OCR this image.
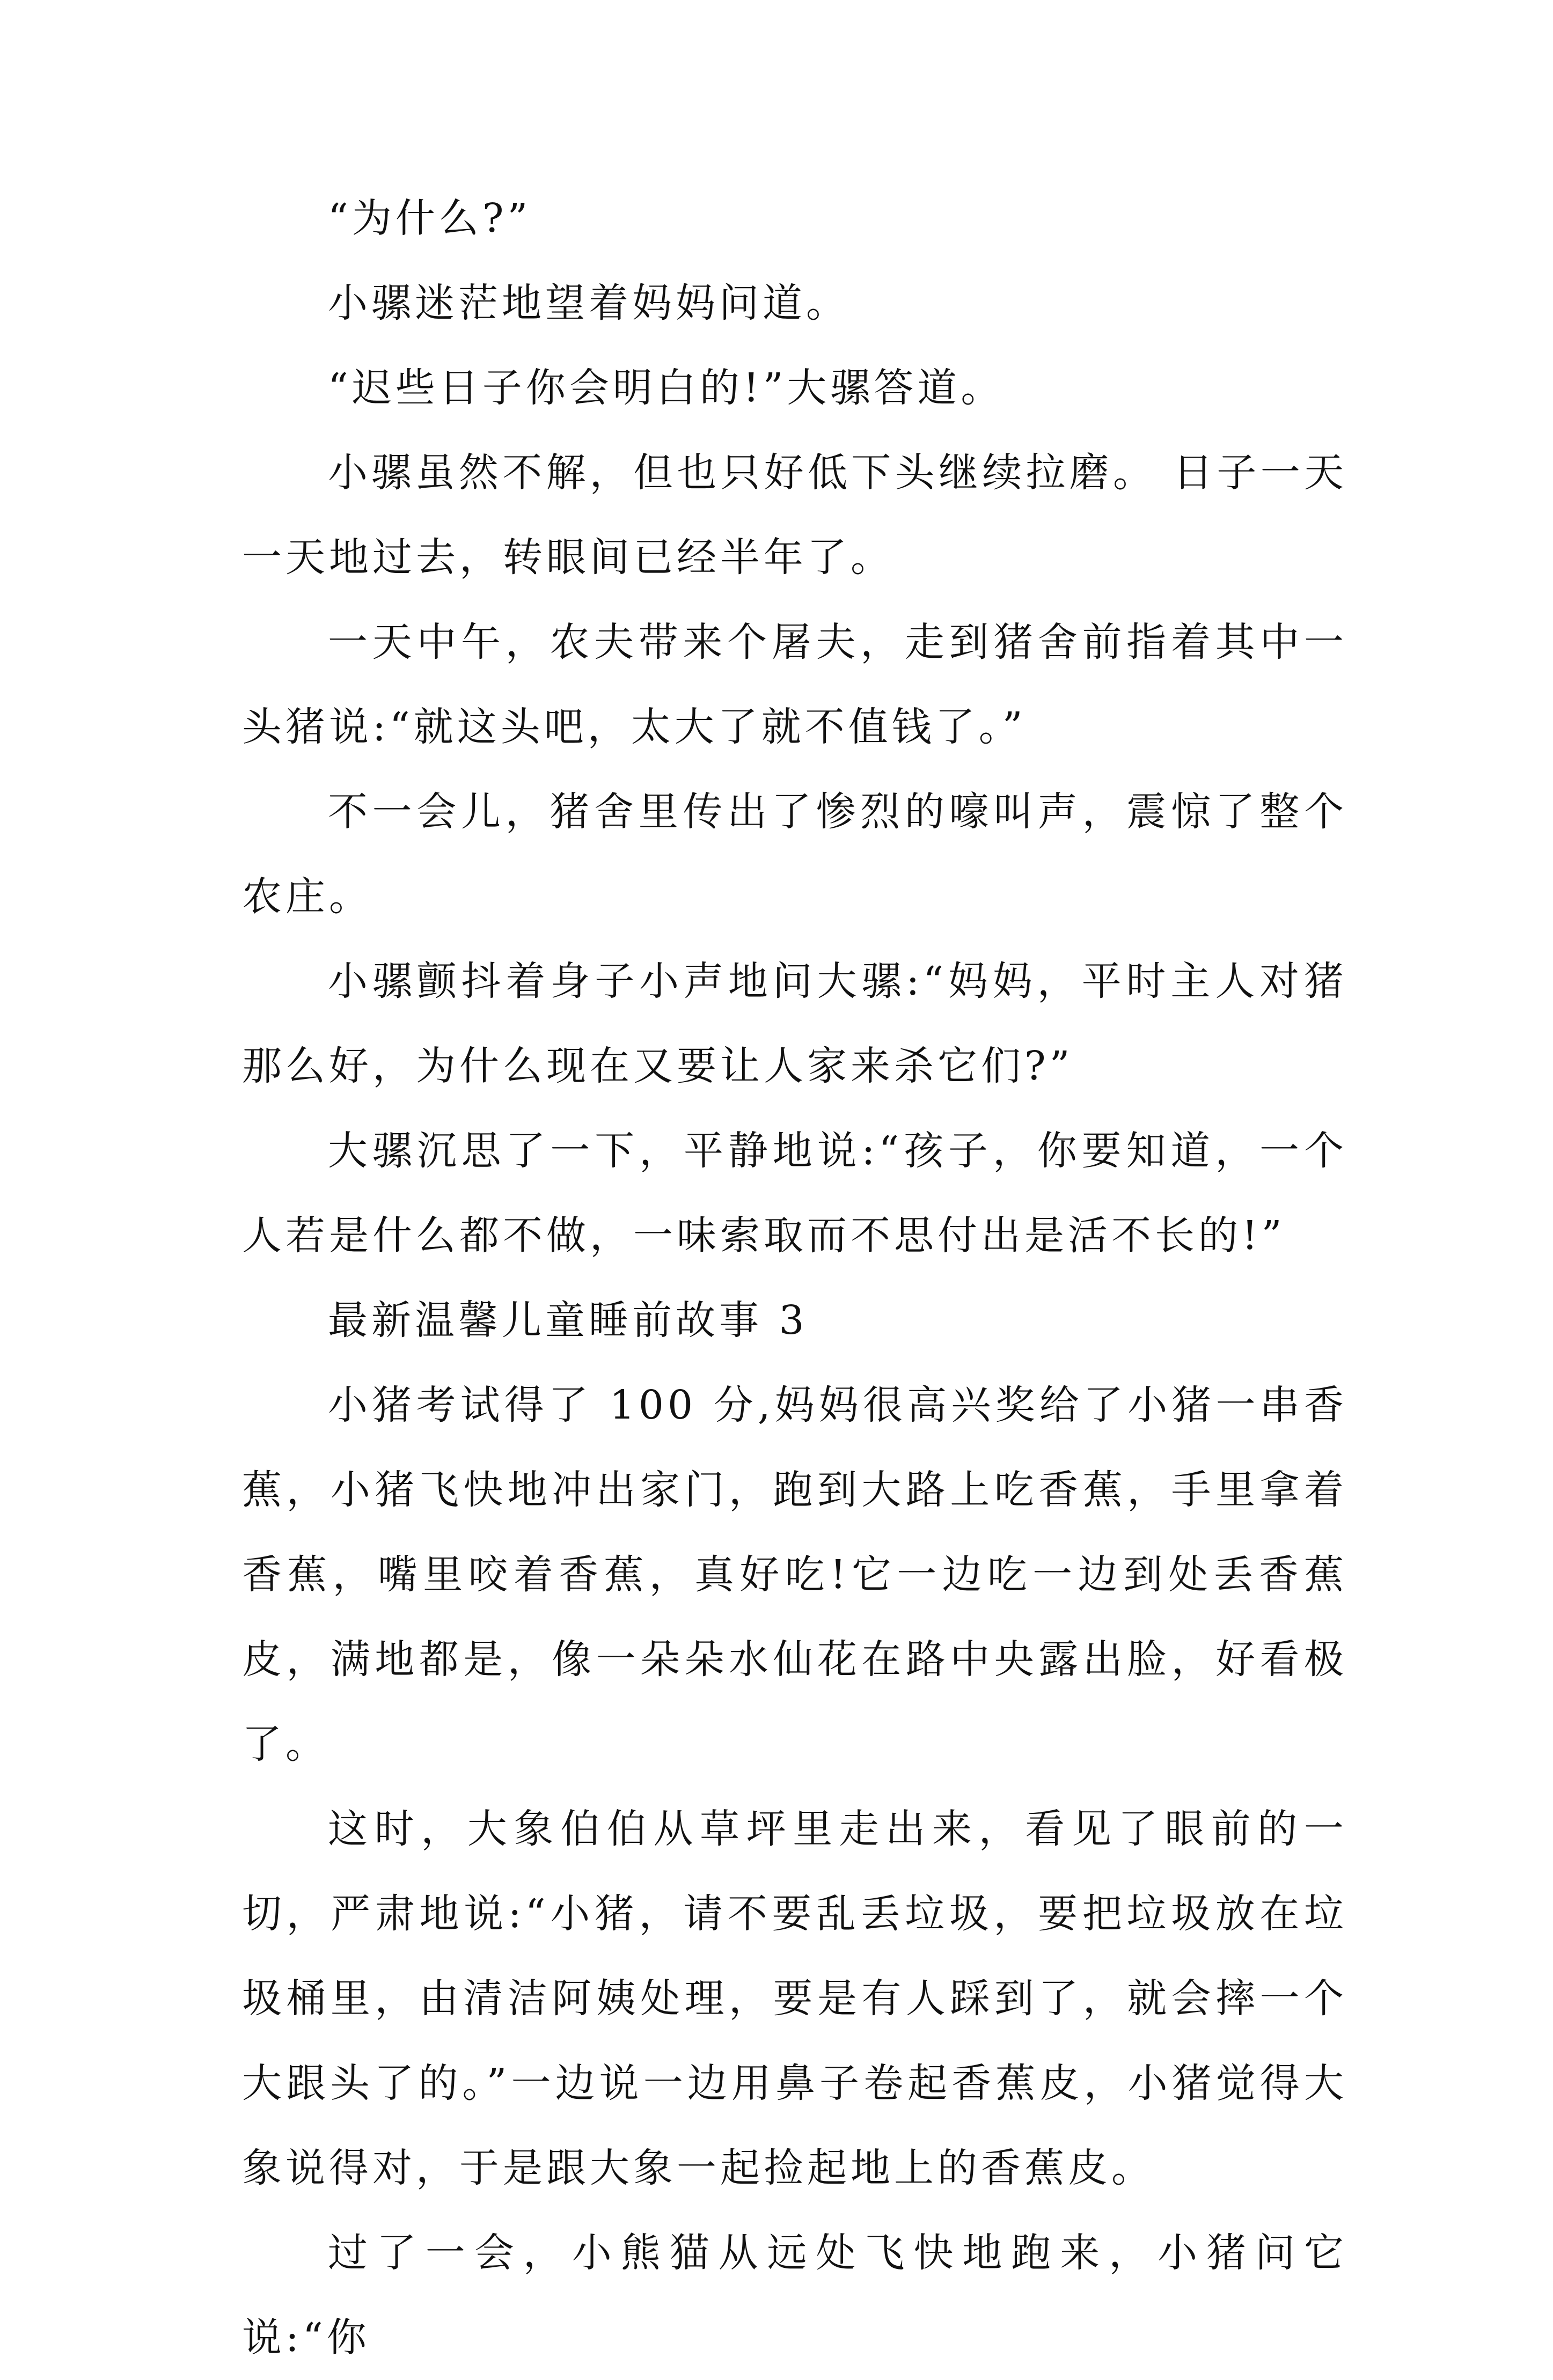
“为什么?”

小骡迷茫地望着妈妈问道。

“迟些日子你会明白的!”大骡答道。

小骡虽然不解，但也只好低下头继续拉磨。 日子一天一天地过去，转眼间已经半年了。

一天中午，农夫带来个屠夫，走到猪舍前指着其中一头猪说:“就这头吧，太大了就不值钱了。”

不一会儿，猪舍里传出了惨烈的嚎叫声，震惊了整个农庄。

小骡颤抖着身子小声地问大骡:“妈妈，平时主人对猪那么好，为什么现在又要让人家来杀它们?”

大骡沉思了一下，平静地说:“孩子，你要知道，一个人若是什么都不做，一味索取而不思付出是活不长的!”

最新温馨儿童睡前故事 3

小猪考试得了 100 分,妈妈很高兴奖给了小猪一串香蕉，小猪飞快地冲出家门，跑到大路上吃香蕉，手里拿着香蕉，嘴里咬着香蕉，真好吃!它一边吃一边到处丢香蕉皮，满地都是，像一朵朵水仙花在路中央露出脸，好看极了。

这时，大象伯伯从草坪里走出来，看见了眼前的一切，严肃地说:“小猪，请不要乱丢垃圾，要把垃圾放在垃圾桶里，由清洁阿姨处理，要是有人踩到了，就会摔一个大跟头了的。”一边说一边用鼻子卷起香蕉皮，小猪觉得大象说得对，于是跟大象一起捡起地上的香蕉皮。

过了一会，小熊猫从远处飞快地跑来，小猪问它说:“你
